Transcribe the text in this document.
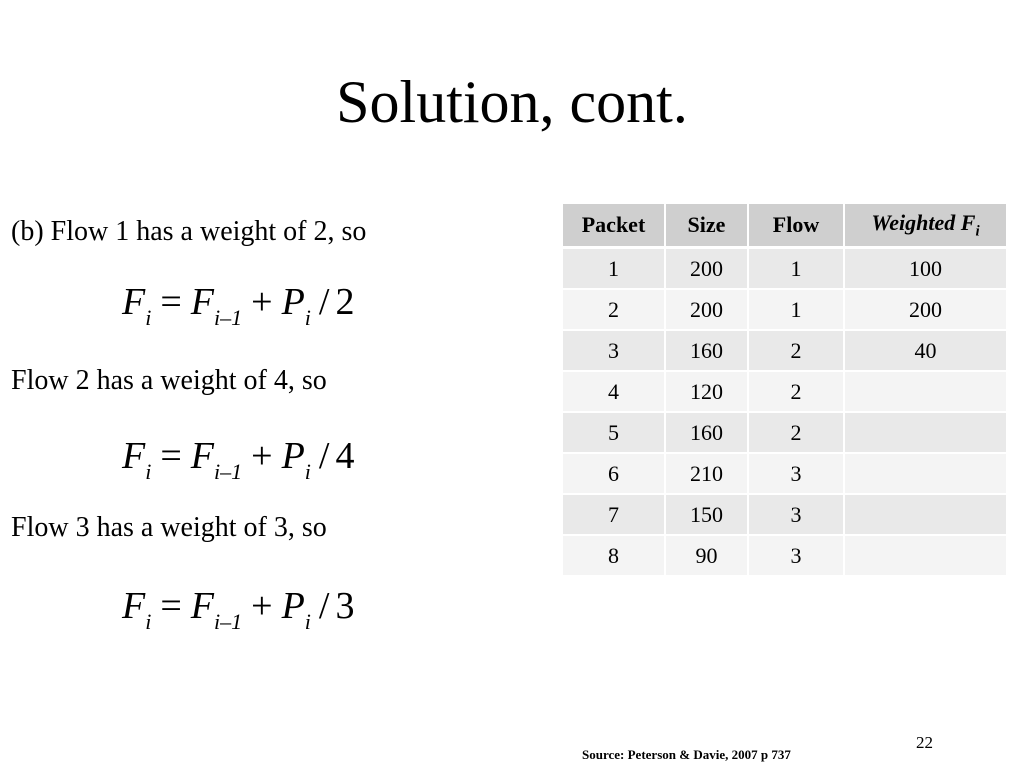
Solution, cont.
(b) Flow 1 has a weight of 2, so
$F_i = F_{i-1} + P_i / 2$
Flow 2 has a weight of 4, so
$F_i = F_{i-1} + P_i / 4$
Flow 3 has a weight of 3, so
$F_i = F_{i-1} + P_i / 3$
Packet	Size	Flow	Weighted $F_i$
1	200	1	100
2	200	1	200
3	160	2	40
4	120	2	
5	160	2	
6	210	3	
7	150	3	
8	90	3	
22
Source: Peterson & Davie, 2007 p 737
